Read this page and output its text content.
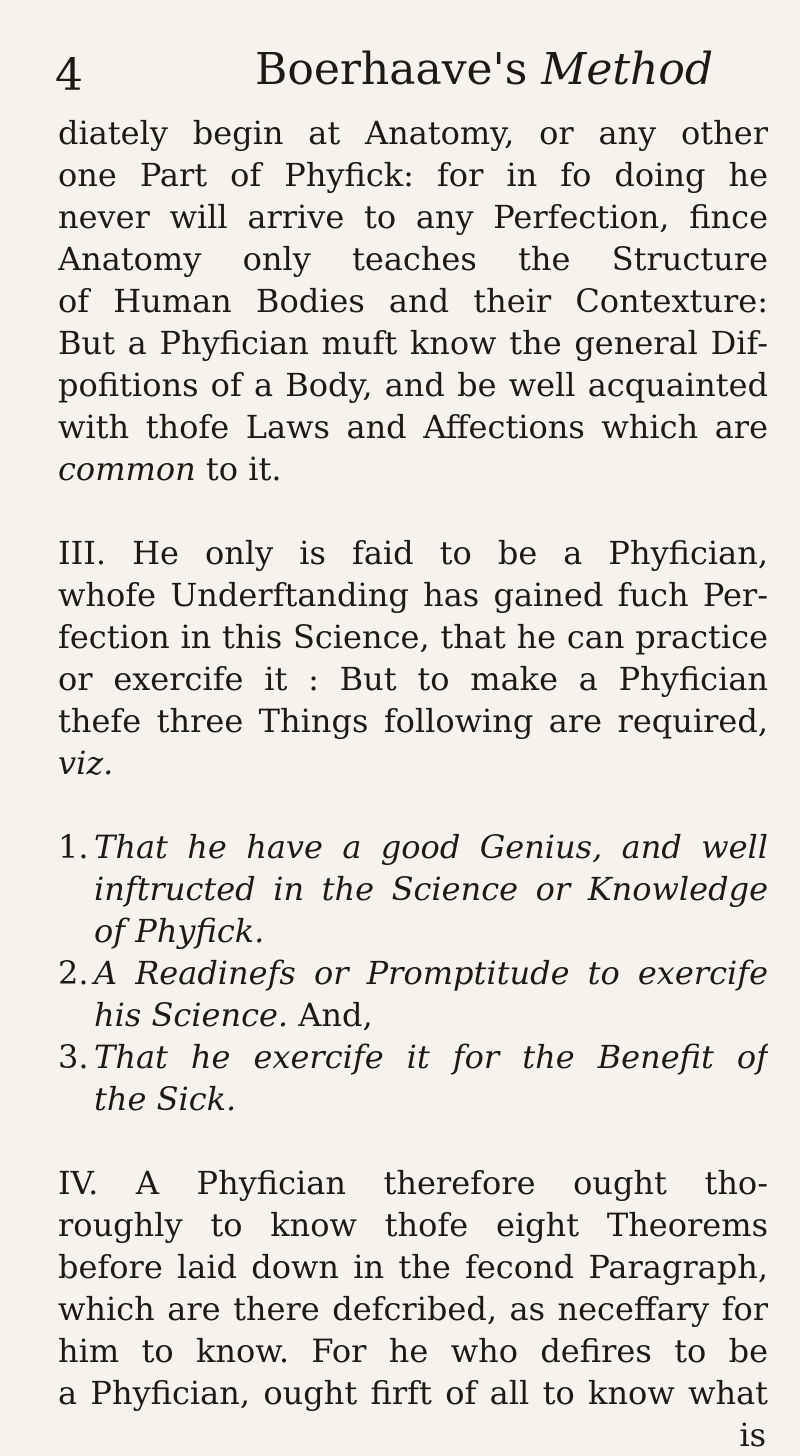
4	Boerhaave's Method
diately begin at Anatomy, or any other
one Part of Phyfick: for in fo doing he
never will arrive to any Perfection, fince
Anatomy only teaches the Structure
of Human Bodies and their Contexture:
But a Phyfician muft know the general Dif-
pofitions of a Body, and be well acquainted
with thofe Laws and Affections which are
common to it.
III. He only is faid to be a Phyfician,
whofe Underftanding has gained fuch Per-
fection in this Science, that he can practice
or exercife it : But to make a Phyfician
thefe three Things following are required,
viz.
1. That he have a good Genius, and well
inftructed in the Science or Knowledge
of Phyfick.
2. A Readinefs or Promptitude to exercife
his Science. And,
3. That he exercife it for the Benefit of
the Sick.
IV. A Phyfician therefore ought tho-
roughly to know thofe eight Theorems
before laid down in the fecond Paragraph,
which are there defcribed, as neceffary for
him to know. For he who defires to be
a Phyfician, ought firft of all to know what
is
